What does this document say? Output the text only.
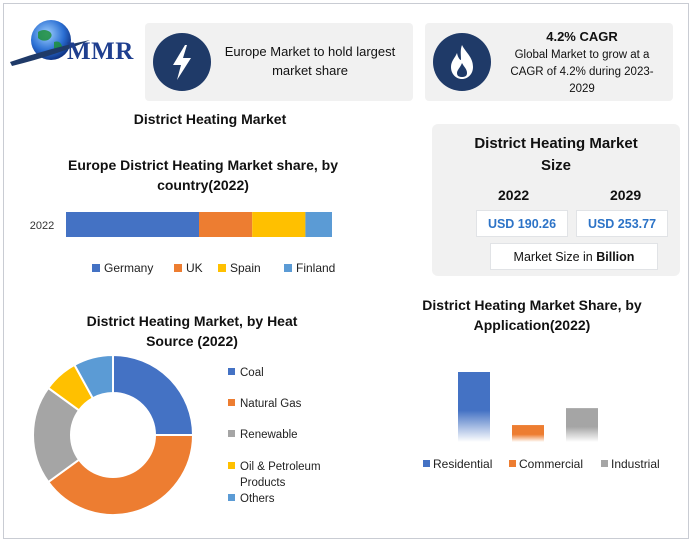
MMR	Europe Market to hold largest
market share
4.2% CAGR
Global Market to grow at a
CAGR of 4.2% during 2023-
2029
District Heating Market
District Heating Market
Size
2022	2029
USD 190.26	USD 253.77
Market Size in Billion
Europe District Heating Market share, by
country(2022)
2022
Germany	UK Spain	Finland
District Heating Market, by Heat
Source (2022)
Coal
Natural Gas
Renewable
Oil & Petroleum
Products
Others
District Heating Market Share, by
Application(2022)
Residential Commercial Industrial
